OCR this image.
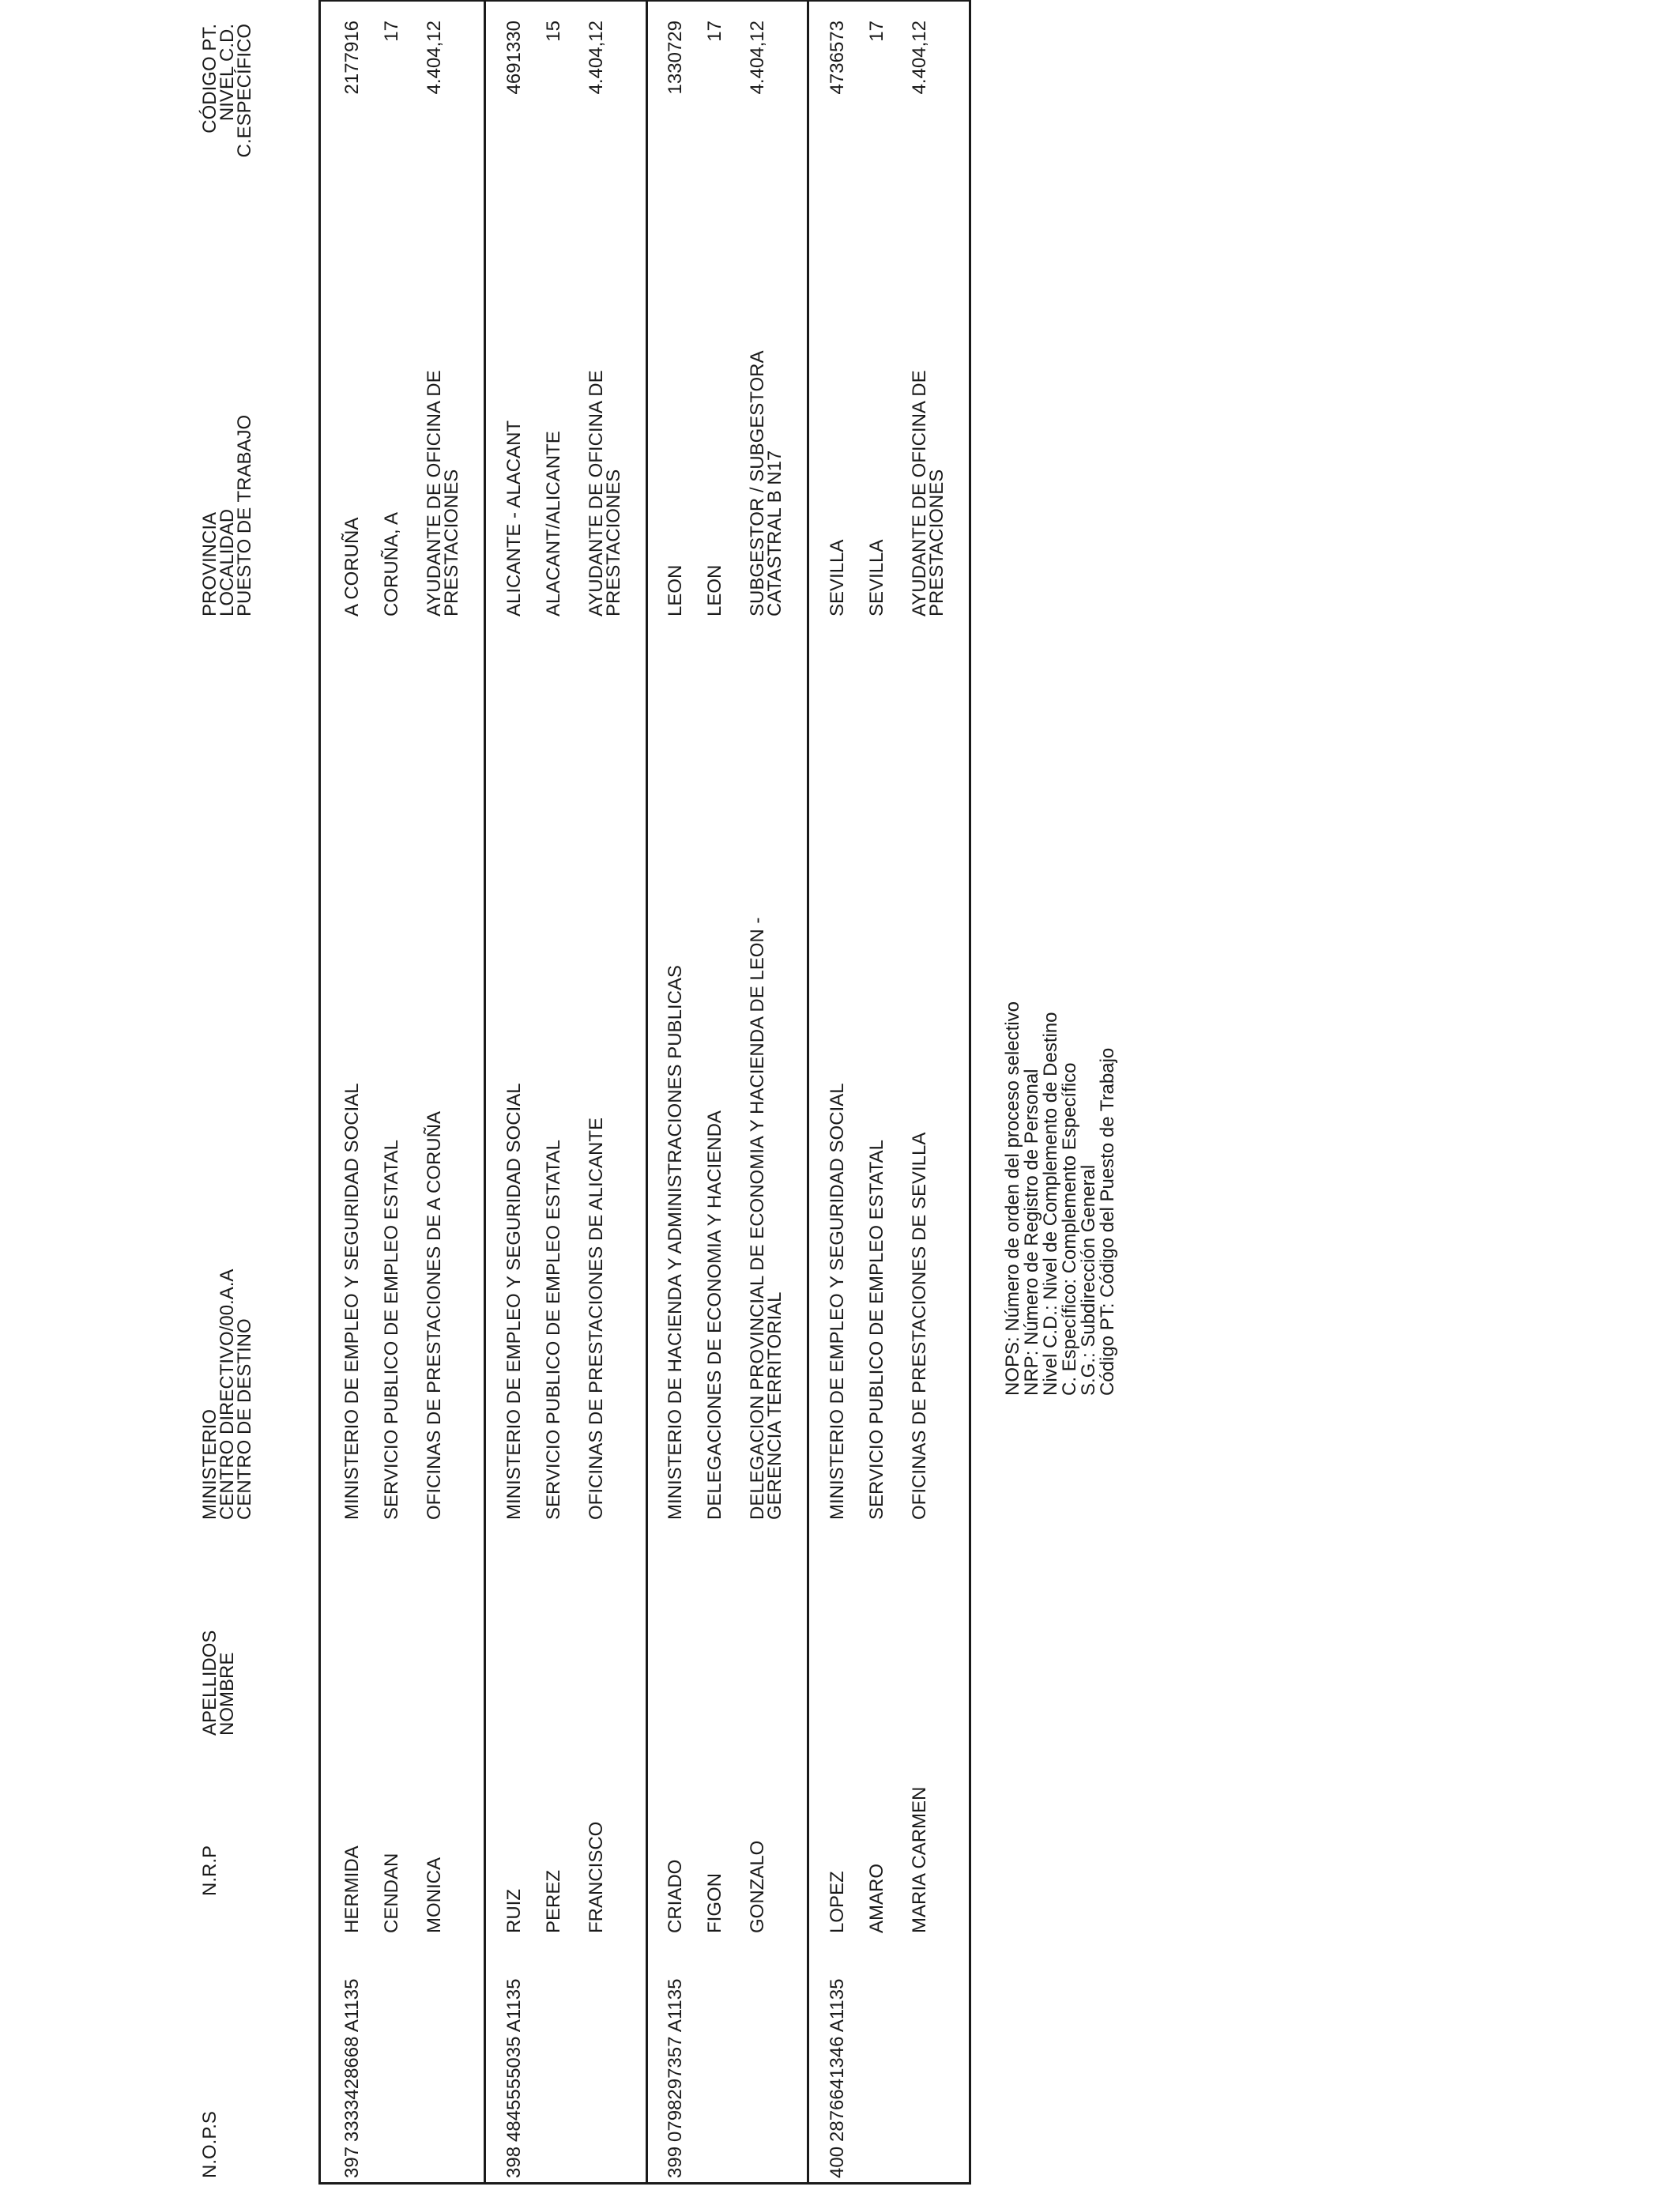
N.O.P.S
N.R.P
APELLIDOS
NOMBRE
MINISTERIO
CENTRO DIRECTIVO/00.A.A
CENTRO DE DESTINO
PROVINCIA
LOCALIDAD
PUESTO DE TRABAJO
CÓDIGO PT.
NIVEL C.D.
C.ESPECÍFICO
397
3333428668 A1135
HERMIDA CENDAN MONICA
MINISTERIO DE EMPLEO Y SEGURIDAD SOCIAL SERVICIO PUBLICO DE EMPLEO ESTATAL OFICINAS DE PRESTACIONES DE A CORUÑA
A CORUÑA CORUÑA, A AYUDANTE DE OFICINA DE
PRESTACIONES
2177916 17 4.404,12
398
4845555035 A1135
RUIZ PEREZ FRANCISCO
MINISTERIO DE EMPLEO Y SEGURIDAD SOCIAL SERVICIO PUBLICO DE EMPLEO ESTATAL OFICINAS DE PRESTACIONES DE ALICANTE
ALICANTE - ALACANT ALACANT/ALICANTE AYUDANTE DE OFICINA DE
PRESTACIONES
4691330 15 4.404,12
399
0798297357 A1135
CRIADO FIGON GONZALO
MINISTERIO DE HACIENDA Y ADMINISTRACIONES PUBLICAS DELEGACIONES DE ECONOMIA Y HACIENDA DELEGACION PROVINCIAL DE ECONOMIA Y HACIENDA DE LEON -
GERENCIA TERRITORIAL
LEON LEON SUBGESTOR / SUBGESTORA
CATASTRAL B N17
1330729 17 4.404,12
400
2876641346 A1135
LOPEZ AMARO MARIA CARMEN
MINISTERIO DE EMPLEO Y SEGURIDAD SOCIAL SERVICIO PUBLICO DE EMPLEO ESTATAL OFICINAS DE PRESTACIONES DE SEVILLA
SEVILLA SEVILLA AYUDANTE DE OFICINA DE
PRESTACIONES
4736573 17 4.404,12
NOPS: Número de orden del proceso selectivo
NRP: Número de Registro de Personal
Nivel C.D.: Nivel de Complemento de Destino
C. Específico: Complemento Específico
S.G.: Subdirección General
Código PT: Código del Puesto de Trabajo
